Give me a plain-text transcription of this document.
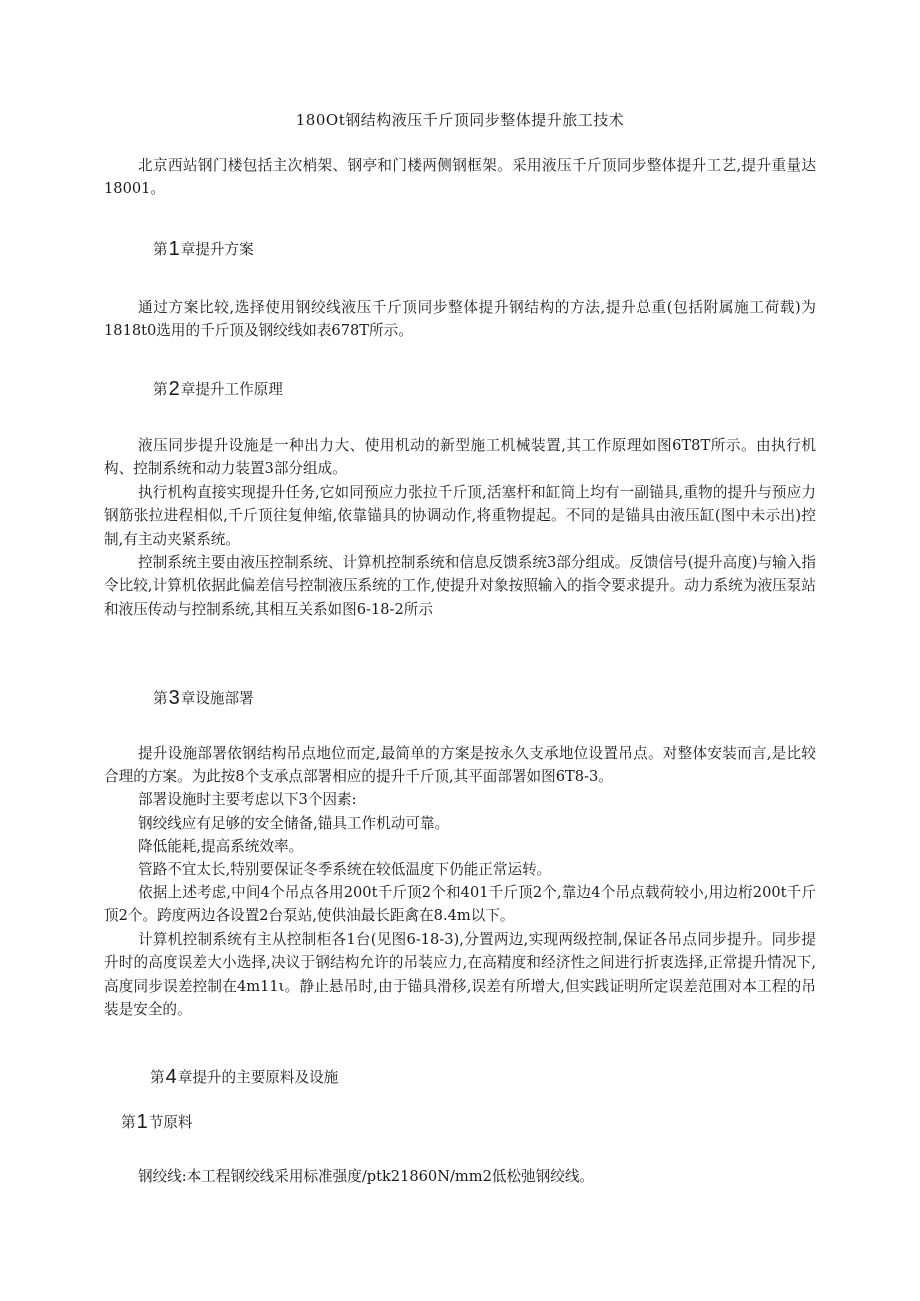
180Ot钢结构液压千斤顶同步整体提升旅工技术

北京西站钢门楼包括主次梢架、钢亭和门楼两侧钢框架。采用液压千斤顶同步整体提升工艺,提升重量达18001。

第1章提升方案

通过方案比较,选择使用钢绞线液压千斤顶同步整体提升钢结构的方法,提升总重(包括附属施工荷载)为1818t0选用的千斤顶及钢绞线如表678T所示。

第2章提升工作原理

液压同步提升设施是一种出力大、使用机动的新型施工机械装置,其工作原理如图6T8T所示。由执行机构、控制系统和动力装置3部分组成。

执行机构直接实现提升任务,它如同预应力张拉千斤顶,活塞杆和缸筒上均有一副锚具,重物的提升与预应力钢筋张拉进程相似,千斤顶往复伸缩,依靠锚具的协调动作,将重物提起。不同的是锚具由液压缸(图中未示出)控制,有主动夹紧系统。

控制系统主要由液压控制系统、计算机控制系统和信息反馈系统3部分组成。反馈信号(提升高度)与输入指令比较,计算机依据此偏差信号控制液压系统的工作,使提升对象按照输入的指令要求提升。动力系统为液压泵站和液压传动与控制系统,其相互关系如图6-18-2所示

第3章设施部署

提升设施部署依钢结构吊点地位而定,最简单的方案是按永久支承地位设置吊点。对整体安装而言,是比较合理的方案。为此按8个支承点部署相应的提升千斤顶,其平面部署如图6T8-3。

部署设施时主要考虑以下3个因素:

钢绞线应有足够的安全储备,锚具工作机动可靠。

降低能耗,提高系统效率。

管路不宜太长,特别要保证冬季系统在较低温度下仍能正常运转。

依据上述考虑,中间4个吊点各用200t千斤顶2个和401千斤顶2个,靠边4个吊点载荷较小,用边桁200t千斤顶2个。跨度两边各设置2台泵站,使供油最长距禽在8.4m以下。

计算机控制系统有主从控制柜各1台(见图6-18-3),分置两边,实现两级控制,保证各吊点同步提升。同步提升时的高度误差大小选择,决议于钢结构允许的吊装应力,在高精度和经济性之间进行折衷选择,正常提升情况下,高度同步误差控制在4m11ι。静止悬吊时,由于锚具滑移,误差有所增大,但实践证明所定误差范围对本工程的吊装是安全的。

第4章提升的主要原料及设施

第1节原料

钢绞线:本工程钢绞线采用标准强度/ptk21860N/mm2低松弛钢绞线。
